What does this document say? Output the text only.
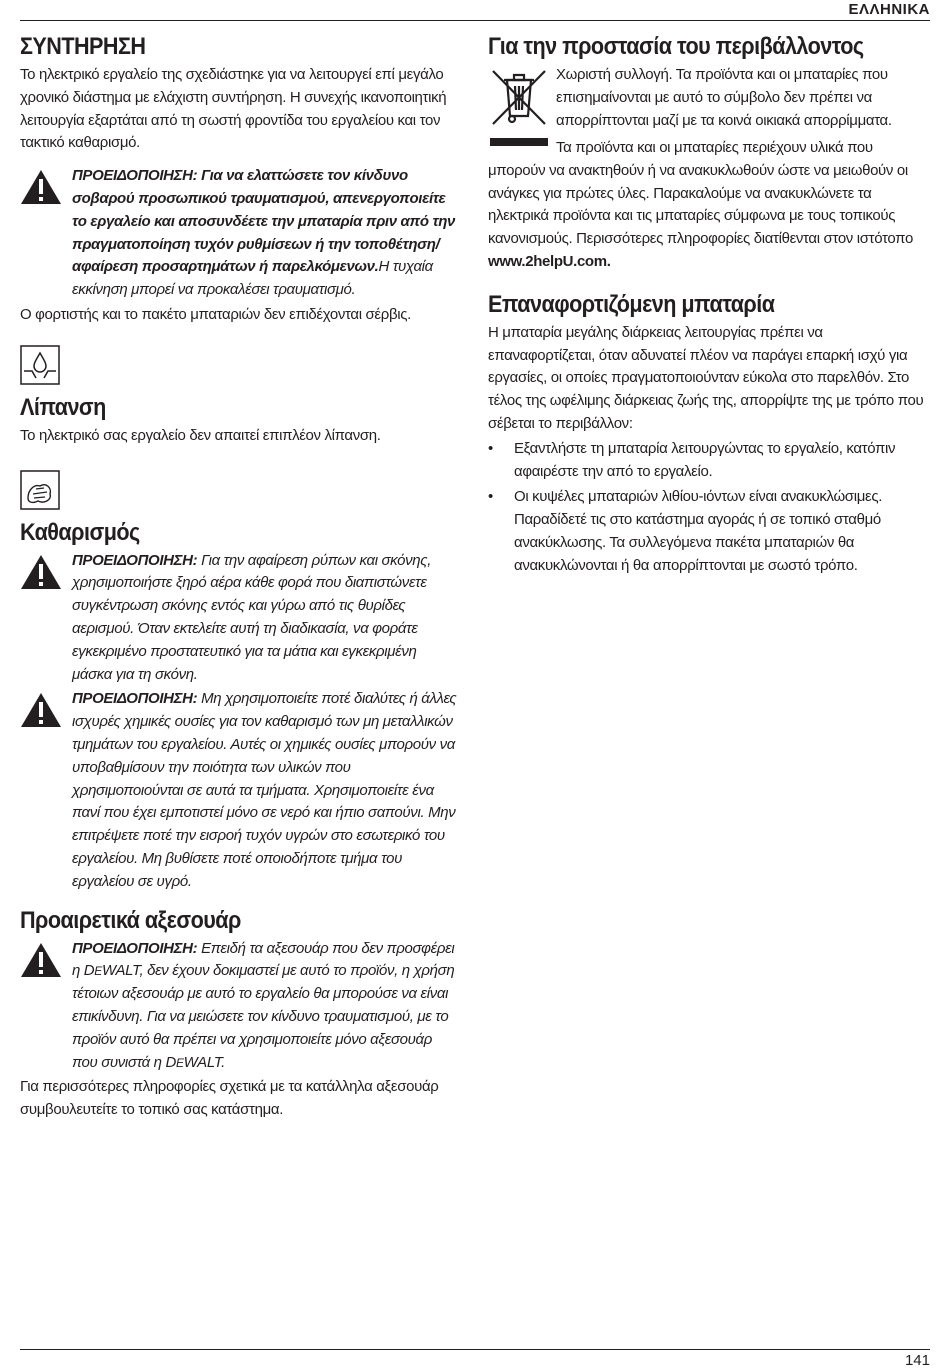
ΕΛΛΗΝΙΚΑ
ΣΥΝΤΗΡΗΣΗ

Το ηλεκτρικό εργαλείο της σχεδιάστηκε για να λειτουργεί επί μεγάλο χρονικό διάστημα με ελάχιστη συντήρηση. Η συνεχής ικανοποιητική λειτουργία εξαρτάται από τη σωστή φροντίδα του εργαλείου και τον τακτικό καθαρισμό.

ΠΡΟΕΙΔΟΠΟΙΗΣΗ: Για να ελαττώσετε τον κίνδυνο σοβαρού προσωπικού τραυματισμού, απενεργοποιείτε το εργαλείο και αποσυνδέετε την μπαταρία πριν από την πραγματοποίηση τυχόν ρυθμίσεων ή την τοποθέτηση/αφαίρεση προσαρτημάτων ή παρελκόμενων.Η τυχαία εκκίνηση μπορεί να προκαλέσει τραυματισμό.

Ο φορτιστής και το πακέτο μπαταριών δεν επιδέχονται σέρβις.

Λίπανση

Το ηλεκτρικό σας εργαλείο δεν απαιτεί επιπλέον λίπανση.

Καθαρισμός
ΠΡΟΕΙΔΟΠΟΙΗΣΗ: Για την αφαίρεση ρύπων και σκόνης, χρησιμοποιήστε ξηρό αέρα κάθε φορά που διαπιστώνετε συγκέντρωση σκόνης εντός και γύρω από τις θυρίδες αερισμού. Όταν εκτελείτε αυτή τη διαδικασία, να φοράτε εγκεκριμένο προστατευτικό για τα μάτια και εγκεκριμένη μάσκα για τη σκόνη.
ΠΡΟΕΙΔΟΠΟΙΗΣΗ: Μη χρησιμοποιείτε ποτέ διαλύτες ή άλλες ισχυρές χημικές ουσίες για τον καθαρισμό των μη μεταλλικών τμημάτων του εργαλείου. Αυτές οι χημικές ουσίες μπορούν να υποβαθμίσουν την ποιότητα των υλικών που χρησιμοποιούνται σε αυτά τα τμήματα. Χρησιμοποιείτε ένα πανί που έχει εμποτιστεί μόνο σε νερό και ήπιο σαπούνι. Μην επιτρέψετε ποτέ την εισροή τυχόν υγρών στο εσωτερικό του εργαλείου. Μη βυθίσετε ποτέ οποιοδήποτε τμήμα του εργαλείου σε υγρό.
Προαιρετικά αξεσουάρ
ΠΡΟΕΙΔΟΠΟΙΗΣΗ: Επειδή τα αξεσουάρ που δεν προσφέρει η DEWALT, δεν έχουν δοκιμαστεί με αυτό το προϊόν, η χρήση τέτοιων αξεσουάρ με αυτό το εργαλείο θα μπορούσε να είναι επικίνδυνη. Για να μειώσετε τον κίνδυνο τραυματισμού, με το προϊόν αυτό θα πρέπει να χρησιμοποιείτε μόνο αξεσουάρ που συνιστά η DEWALT.

Για περισσότερες πληροφορίες σχετικά με τα κατάλληλα αξεσουάρ συμβουλευτείτε το τοπικό σας κατάστημα.

Για την προστασία του περιβάλλοντος

Χωριστή συλλογή. Τα προϊόντα και οι μπαταρίες που επισημαίνονται με αυτό το σύμβολο δεν πρέπει να απορρίπτονται μαζί με τα κοινά οικιακά απορρίμματα.

Τα προϊόντα και οι μπαταρίες περιέχουν υλικά που μπορούν να ανακτηθούν ή να ανακυκλωθούν ώστε να μειωθούν οι ανάγκες για πρώτες ύλες. Παρακαλούμε να ανακυκλώνετε τα ηλεκτρικά προϊόντα και τις μπαταρίες σύμφωνα με τους τοπικούς κανονισμούς. Περισσότερες πληροφορίες διατίθενται στον ιστότοπο www.2helpU.com.

Επαναφορτιζόμενη μπαταρία

Η μπαταρία μεγάλης διάρκειας λειτουργίας πρέπει να επαναφορτίζεται, όταν αδυνατεί πλέον να παράγει επαρκή ισχύ για εργασίες, οι οποίες πραγματοποιούνταν εύκολα στο παρελθόν. Στο τέλος της ωφέλιμης διάρκειας ζωής της, απορρίψτε της με τρόπο που σέβεται το περιβάλλον:

• Εξαντλήστε τη μπαταρία λειτουργώντας το εργαλείο, κατόπιν αφαιρέστε την από το εργαλείο.
• Οι κυψέλες μπαταριών λιθίου-ιόντων είναι ανακυκλώσιμες. Παραδίδετέ τις στο κατάστημα αγοράς ή σε τοπικό σταθμό ανακύκλωσης. Τα συλλεγόμενα πακέτα μπαταριών θα ανακυκλώνονται ή θα απορρίπτονται με σωστό τρόπο.
141
